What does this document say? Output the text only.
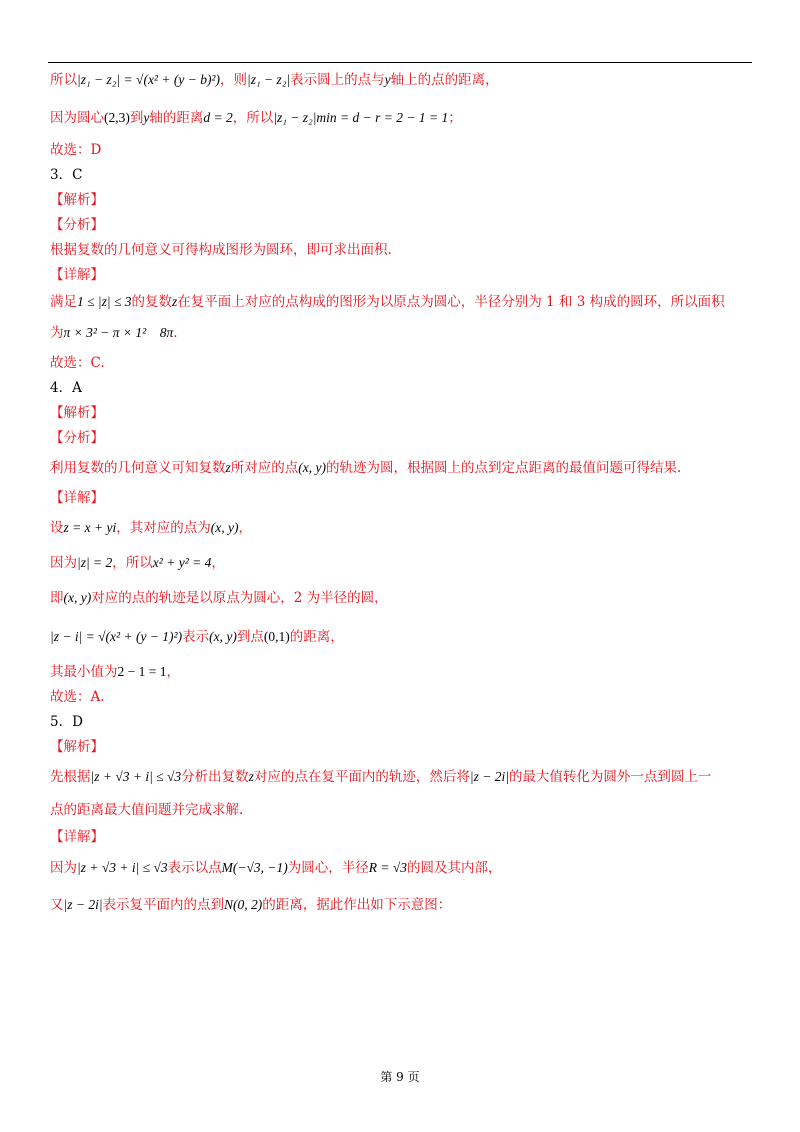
所以|z₁ − z₂| = √(x² + (y − b)²)，则|z₁ − z₂|表示圆上的点与y轴上的点的距离，
因为圆心(2,3)到y轴的距离d = 2，所以|z₁ − z₂|min = d − r = 2 − 1 = 1；
故选：D
3．C
【解析】
【分析】
根据复数的几何意义可得构成图形为圆环，即可求出面积.
【详解】
满足1 ≤ |z| ≤ 3的复数z在复平面上对应的点构成的图形为以原点为圆心，半径分别为 1 和 3 构成的圆环，所以面积
为π × 3² − π × 1²　8π.
故选：C.
4．A
【解析】
【分析】
利用复数的几何意义可知复数z所对应的点(x, y)的轨迹为圆，根据圆上的点到定点距离的最值问题可得结果.
【详解】
设z = x + yi，其对应的点为(x, y)，
因为|z| = 2，所以x² + y² = 4，
即(x, y)对应的点的轨迹是以原点为圆心，2 为半径的圆，
|z − i| = √(x² + (y − 1)²)表示(x, y)到点(0,1)的距离，
其最小值为2 − 1 = 1，
故选：A.
5．D
【解析】
先根据|z + √3 + i| ≤ √3分析出复数z对应的点在复平面内的轨迹，然后将|z − 2i|的最大值转化为圆外一点到圆上一
点的距离最大值问题并完成求解.
【详解】
因为|z + √3 + i| ≤ √3表示以点M(−√3, −1)为圆心，半径R = √3的圆及其内部，
又|z − 2i|表示复平面内的点到N(0, 2)的距离，据此作出如下示意图：
第 9 页
